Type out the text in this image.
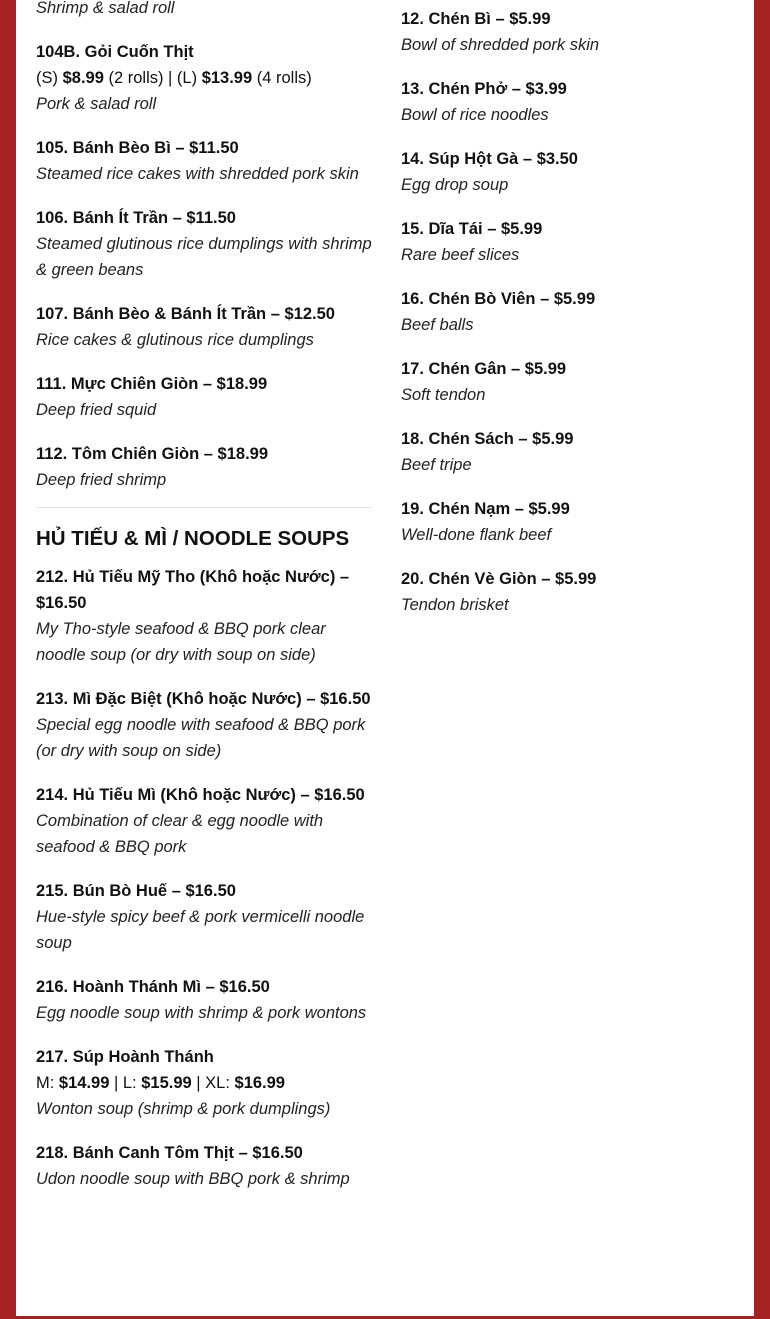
Shrimp & salad roll
104B. Gỏi Cuốn Thịt
(S) $8.99 (2 rolls) | (L) $13.99 (4 rolls)
Pork & salad roll
105. Bánh Bèo Bì – $11.50
Steamed rice cakes with shredded pork skin
106. Bánh Ít Trần – $11.50
Steamed glutinous rice dumplings with shrimp & green beans
107. Bánh Bèo & Bánh Ít Trần – $12.50
Rice cakes & glutinous rice dumplings
111. Mực Chiên Giòn – $18.99
Deep fried squid
112. Tôm Chiên Giòn – $18.99
Deep fried shrimp
HỦ TIẾU & MÌ / NOODLE SOUPS
212. Hủ Tiếu Mỹ Tho (Khô hoặc Nước) – $16.50
My Tho-style seafood & BBQ pork clear noodle soup (or dry with soup on side)
213. Mì Đặc Biệt (Khô hoặc Nước) – $16.50
Special egg noodle with seafood & BBQ pork (or dry with soup on side)
214. Hủ Tiếu Mì (Khô hoặc Nước) – $16.50
Combination of clear & egg noodle with seafood & BBQ pork
215. Bún Bò Huế – $16.50
Hue-style spicy beef & pork vermicelli noodle soup
216. Hoành Thánh Mì – $16.50
Egg noodle soup with shrimp & pork wontons
217. Súp Hoành Thánh
M: $14.99 | L: $15.99 | XL: $16.99
Wonton soup (shrimp & pork dumplings)
218. Bánh Canh Tôm Thịt – $16.50
Udon noodle soup with BBQ pork & shrimp
12. Chén Bì – $5.99
Bowl of shredded pork skin
13. Chén Phở – $3.99
Bowl of rice noodles
14. Súp Hột Gà – $3.50
Egg drop soup
15. Dĩa Tái – $5.99
Rare beef slices
16. Chén Bò Viên – $5.99
Beef balls
17. Chén Gân – $5.99
Soft tendon
18. Chén Sách – $5.99
Beef tripe
19. Chén Nạm – $5.99
Well-done flank beef
20. Chén Vè Giòn – $5.99
Tendon brisket
